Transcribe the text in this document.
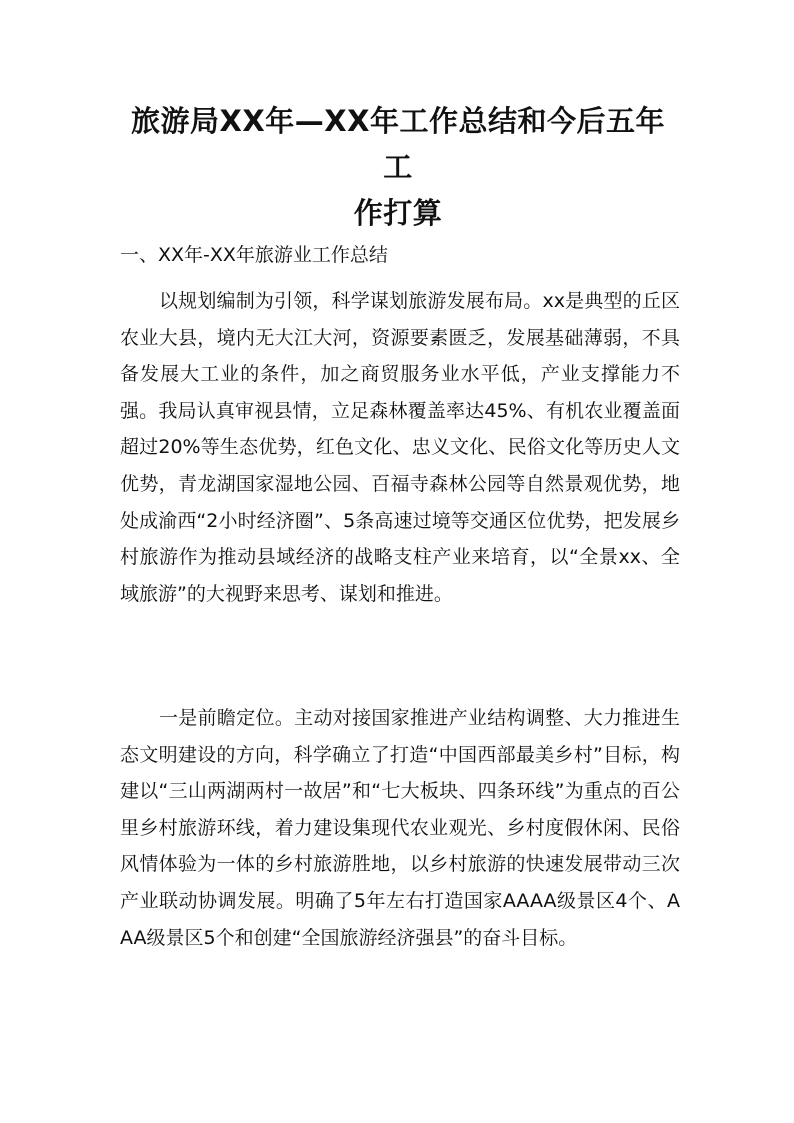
旅游局XX年—XX年工作总结和今后五年工
作打算

一、XX年-XX年旅游业工作总结

以规划编制为引领，科学谋划旅游发展布局。xx是典型的丘区农业大县，境内无大江大河，资源要素匮乏，发展基础薄弱，不具备发展大工业的条件，加之商贸服务业水平低，产业支撑能力不强。我局认真审视县情，立足森林覆盖率达45%、有机农业覆盖面超过20%等生态优势，红色文化、忠义文化、民俗文化等历史人文优势，青龙湖国家湿地公园、百福寺森林公园等自然景观优势，地处成渝西“2小时经济圈”、5条高速过境等交通区位优势，把发展乡村旅游作为推动县域经济的战略支柱产业来培育，以“全景xx、全域旅游”的大视野来思考、谋划和推进。

一是前瞻定位。主动对接国家推进产业结构调整、大力推进生态文明建设的方向，科学确立了打造“中国西部最美乡村”目标，构建以“三山两湖两村一故居”和“七大板块、四条环线”为重点的百公里乡村旅游环线，着力建设集现代农业观光、乡村度假休闲、民俗风情体验为一体的乡村旅游胜地，以乡村旅游的快速发展带动三次产业联动协调发展。明确了5年左右打造国家AAAA级景区4个、AAA级景区5个和创建“全国旅游经济强县”的奋斗目标。
